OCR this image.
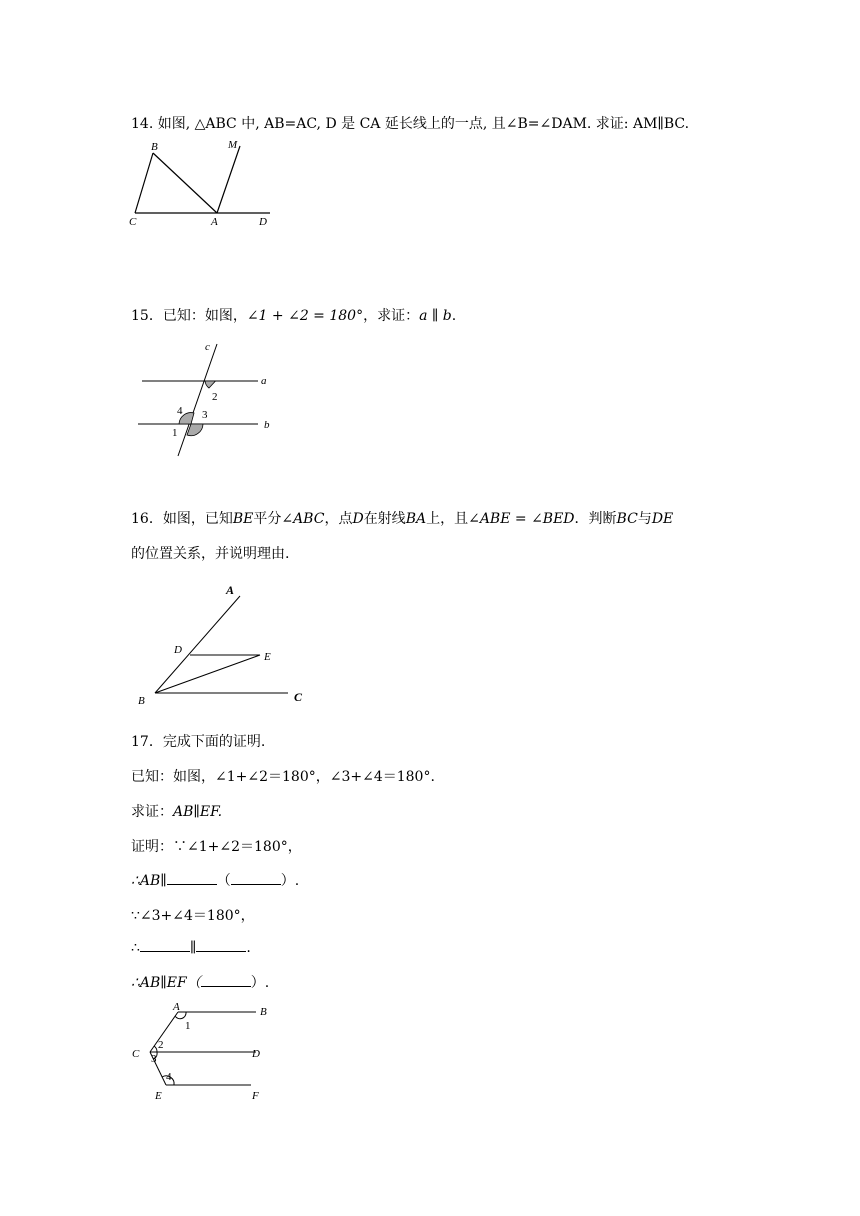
14. 如图, △ABC 中, AB=AC, D 是 CA 延长线上的一点, 且∠B=∠DAM. 求证: AM∥BC.
B	M
C	A	D
15．已知：如图，∠1 + ∠2 = 180°，求证：a ∥ b.
c
a
b
2
4 3
1
16．如图，已知BE平分∠ABC，点D在射线BA上，且∠ABE = ∠BED．判断BC与DE
的位置关系，并说明理由.
A
D
E
B	C
17．完成下面的证明.
已知：如图，∠1+∠2＝180°，∠3+∠4＝180°.
求证：AB∥EF.
证明：∵∠1+∠2＝180°，
∴AB∥	（	）.
∵∠3+∠4＝180°，
∴	∥	.
∴AB∥EF（	）.
A	B
C	D
E	F
1
2
3
4
